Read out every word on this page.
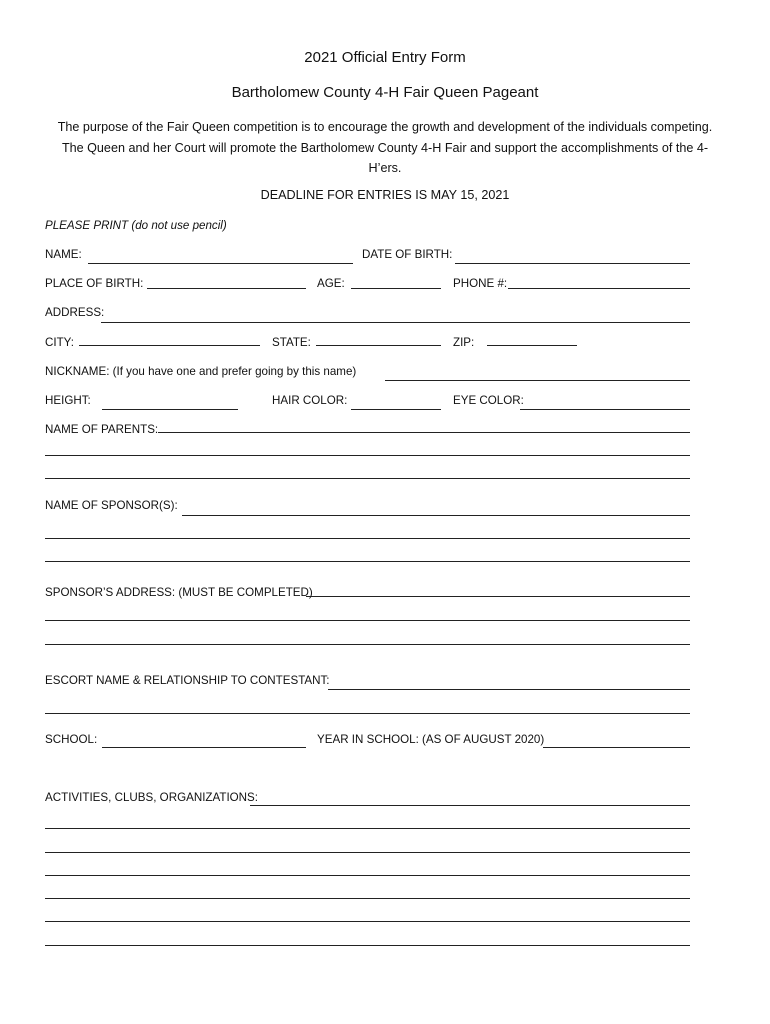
2021 Official Entry Form
Bartholomew County 4-H Fair Queen Pageant
The purpose of the Fair Queen competition is to encourage the growth and development of the individuals competing. The Queen and her Court will promote the Bartholomew County 4-H Fair and support the accomplishments of the 4-H’ers.
DEADLINE FOR ENTRIES IS MAY 15, 2021
PLEASE PRINT (do not use pencil)
NAME:	DATE OF BIRTH:
PLACE OF BIRTH:	AGE:	PHONE #:
ADDRESS:
CITY:	STATE:	ZIP:
NICKNAME: (If you have one and prefer going by this name)
HEIGHT:	HAIR COLOR:	EYE COLOR:
NAME OF PARENTS:
NAME OF SPONSOR(S):
SPONSOR’S ADDRESS: (MUST BE COMPLETED)
ESCORT NAME & RELATIONSHIP TO CONTESTANT:
SCHOOL:	YEAR IN SCHOOL: (AS OF AUGUST 2020)
ACTIVITIES, CLUBS, ORGANIZATIONS:
